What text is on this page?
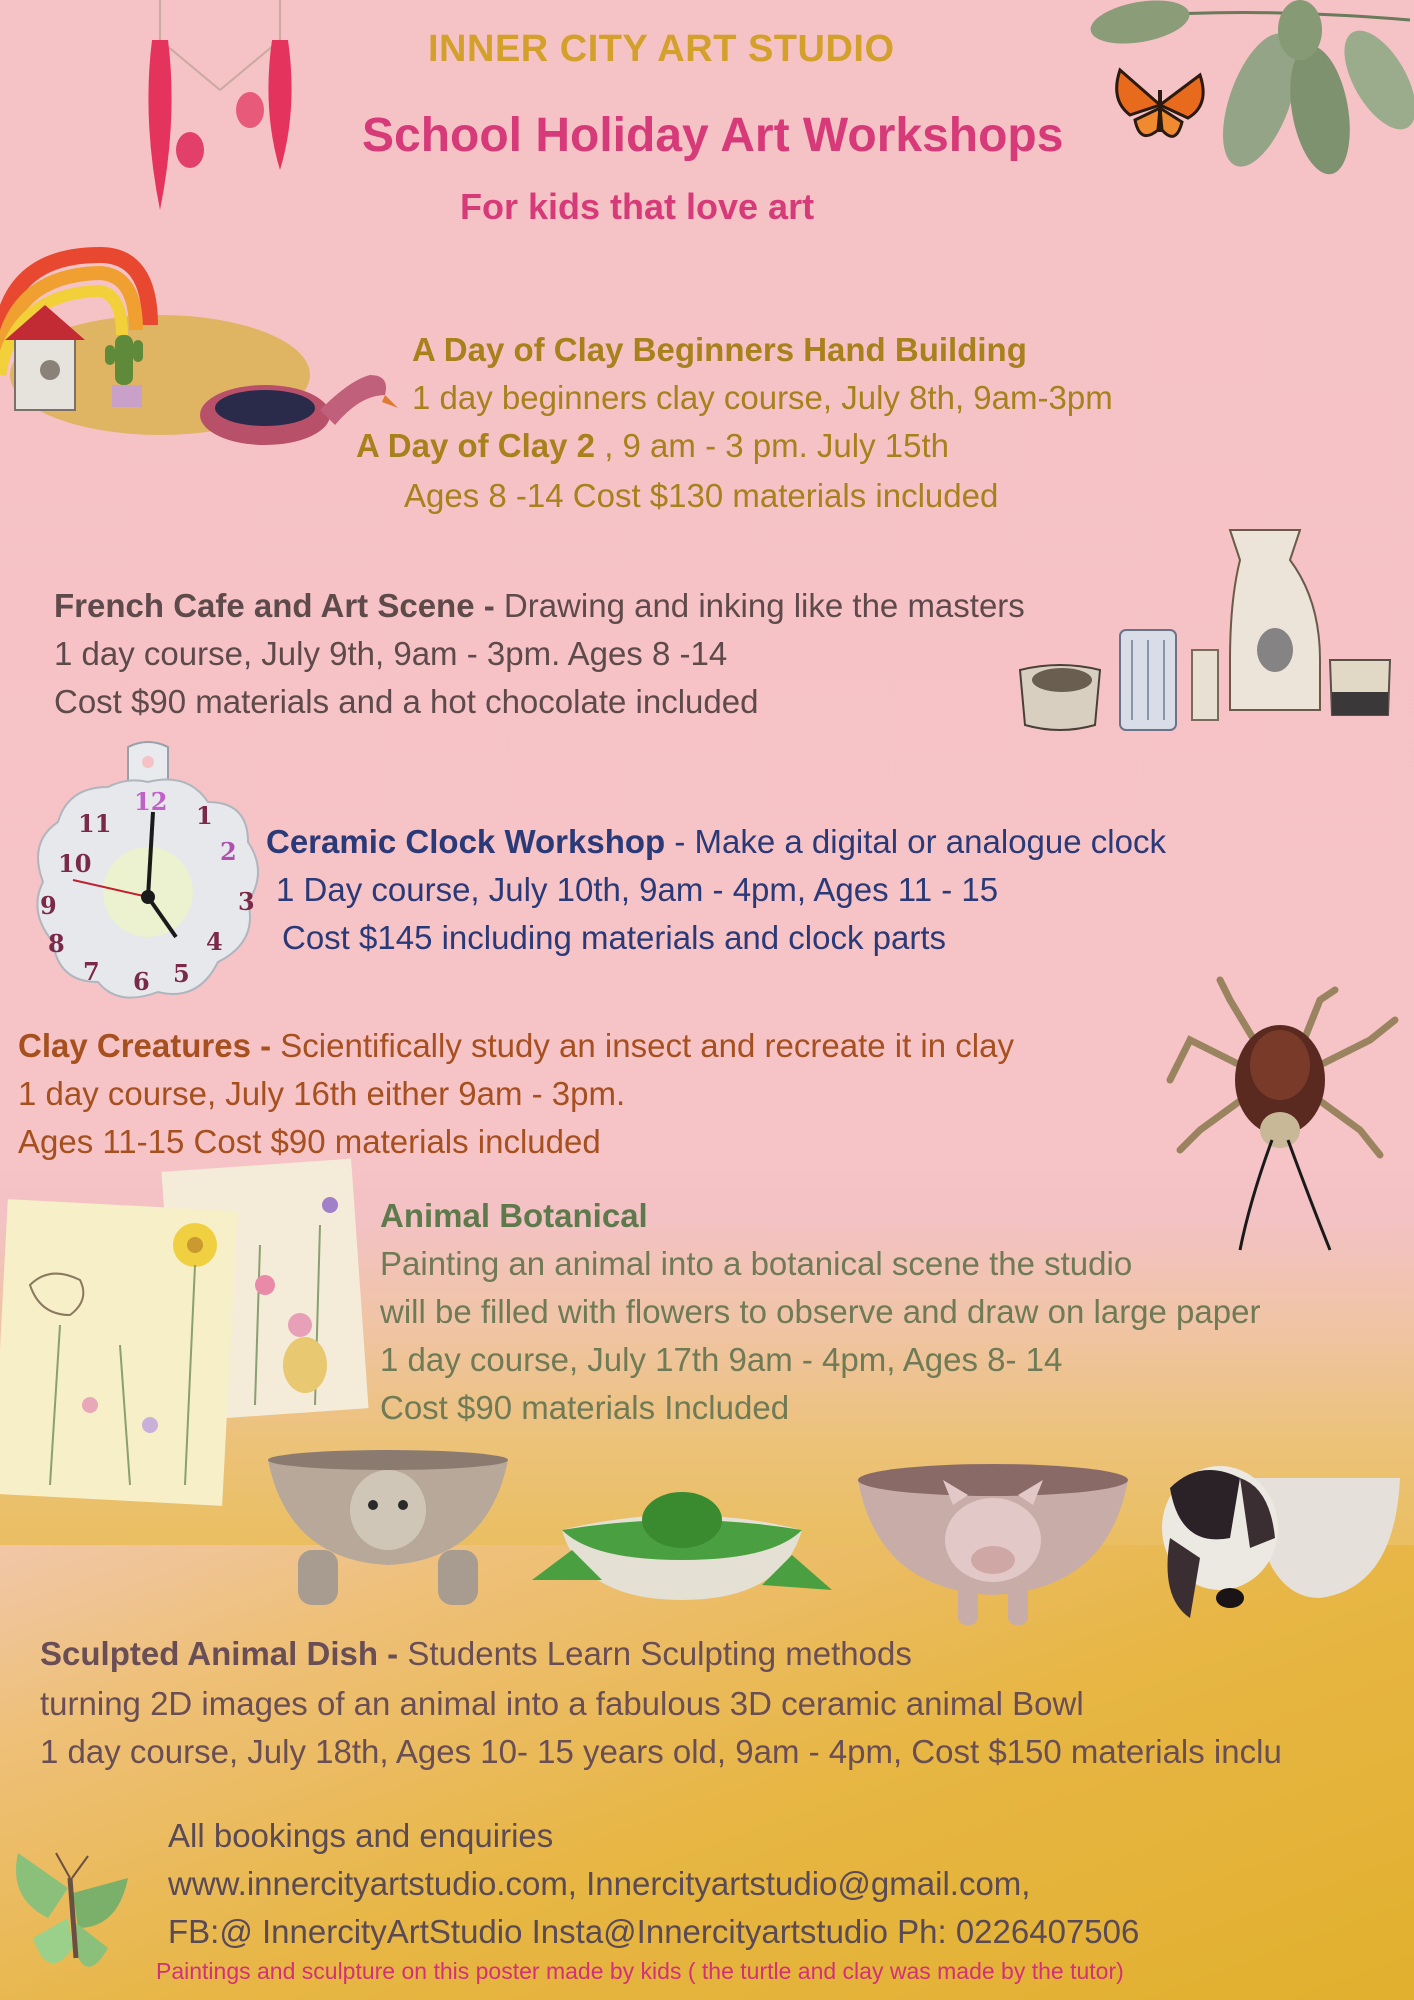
INNER CITY ART STUDIO
School Holiday Art Workshops
For kids that love art
A Day of Clay Beginners Hand Building
1 day beginners clay course, July 8th, 9am-3pm
A Day of Clay 2 , 9 am - 3 pm. July 15th
Ages 8 -14 Cost $130 materials included
French Cafe and Art Scene - Drawing and inking like the masters
1 day course, July 9th, 9am - 3pm. Ages 8 -14
Cost $90 materials and a hot chocolate included
12 1
2
3
4
5
6
7
8
9
10
11	Ceramic Clock Workshop - Make a digital or analogue clock
1 Day course, July 10th, 9am - 4pm, Ages 11 - 15
Cost $145 including materials and clock parts
Clay Creatures - Scientifically study an insect and recreate it in clay
1 day course, July 16th either 9am - 3pm.
Ages 11-15 Cost $90 materials included
Animal Botanical
Painting an animal into a botanical scene the studio
will be filled with flowers to observe and draw on large paper
1 day course, July 17th 9am - 4pm, Ages 8- 14
Cost $90 materials Included
Sculpted Animal Dish - Students Learn Sculpting methods
turning 2D images of an animal into a fabulous 3D ceramic animal Bowl
1 day course, July 18th, Ages 10- 15 years old, 9am - 4pm, Cost $150 materials inclu
All bookings and enquiries
www.innercityartstudio.com, Innercityartstudio@gmail.com,
FB:@ InnercityArtStudio Insta@Innercityartstudio Ph: 0226407506
Paintings and sculpture on this poster made by kids ( the turtle and clay was made by the tutor)
